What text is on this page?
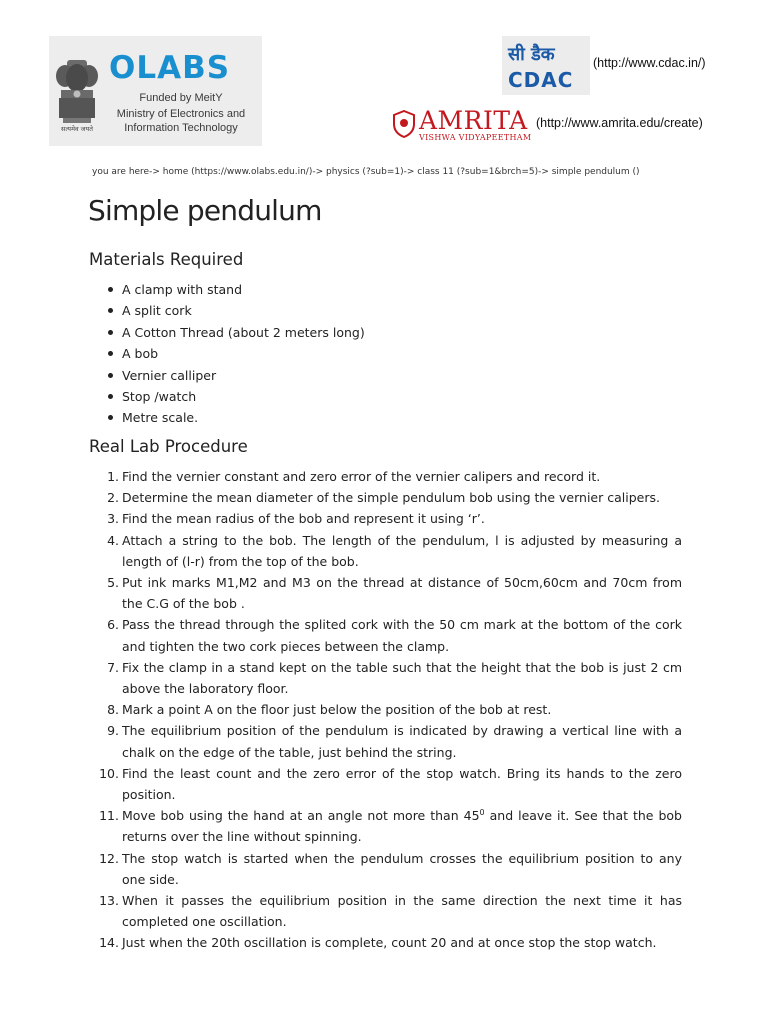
सत्यमेव जयते
OLABS
Funded by MeitY
Ministry of Electronics and
Information Technology
सी डैक
CDAC
(http://www.cdac.in/)
AMRITA
VISHWA VIDYAPEETHAM
(http://www.amrita.edu/create)
you are here-> home (https://www.olabs.edu.in/)-> physics (?sub=1)-> class 11 (?sub=1&brch=5)-> simple pendulum ()
Simple pendulum
Materials Required
A clamp with stand
A split cork
A Cotton Thread (about 2 meters long)
A bob
Vernier calliper
Stop /watch
Metre scale.
Real Lab Procedure
1. Find the vernier constant and zero error of the vernier calipers and record it.
2. Determine the mean diameter of the simple pendulum bob using the vernier calipers.
3. Find the mean radius of the bob and represent it using ‘r’.
4. Attach a string to the bob. The length of the pendulum, l is adjusted by measuring a length of (l-r) from the top of the bob.
5. Put ink marks M1,M2 and M3 on the thread at distance of 50cm,60cm and 70cm from the C.G of the bob .
6. Pass the thread through the splited cork with the 50 cm mark at the bottom of the cork and tighten the two cork pieces between the clamp.
7. Fix the clamp in a stand kept on the table such that the height that the bob is just 2 cm above the laboratory floor.
8. Mark a point A on the floor just below the position of the bob at rest.
9. The equilibrium position of the pendulum is indicated by drawing a vertical line with a chalk on the edge of the table, just behind the string.
10. Find the least count and the zero error of the stop watch. Bring its hands to the zero position.
11. Move bob using the hand at an angle not more than $45^0$ and leave it. See that the bob returns over the line without spinning.
12. The stop watch is started when the pendulum crosses the equilibrium position to any one side.
13. When it passes the equilibrium position in the same direction the next time it has completed one oscillation.
14. Just when the 20th oscillation is complete, count 20 and at once stop the stop watch.
